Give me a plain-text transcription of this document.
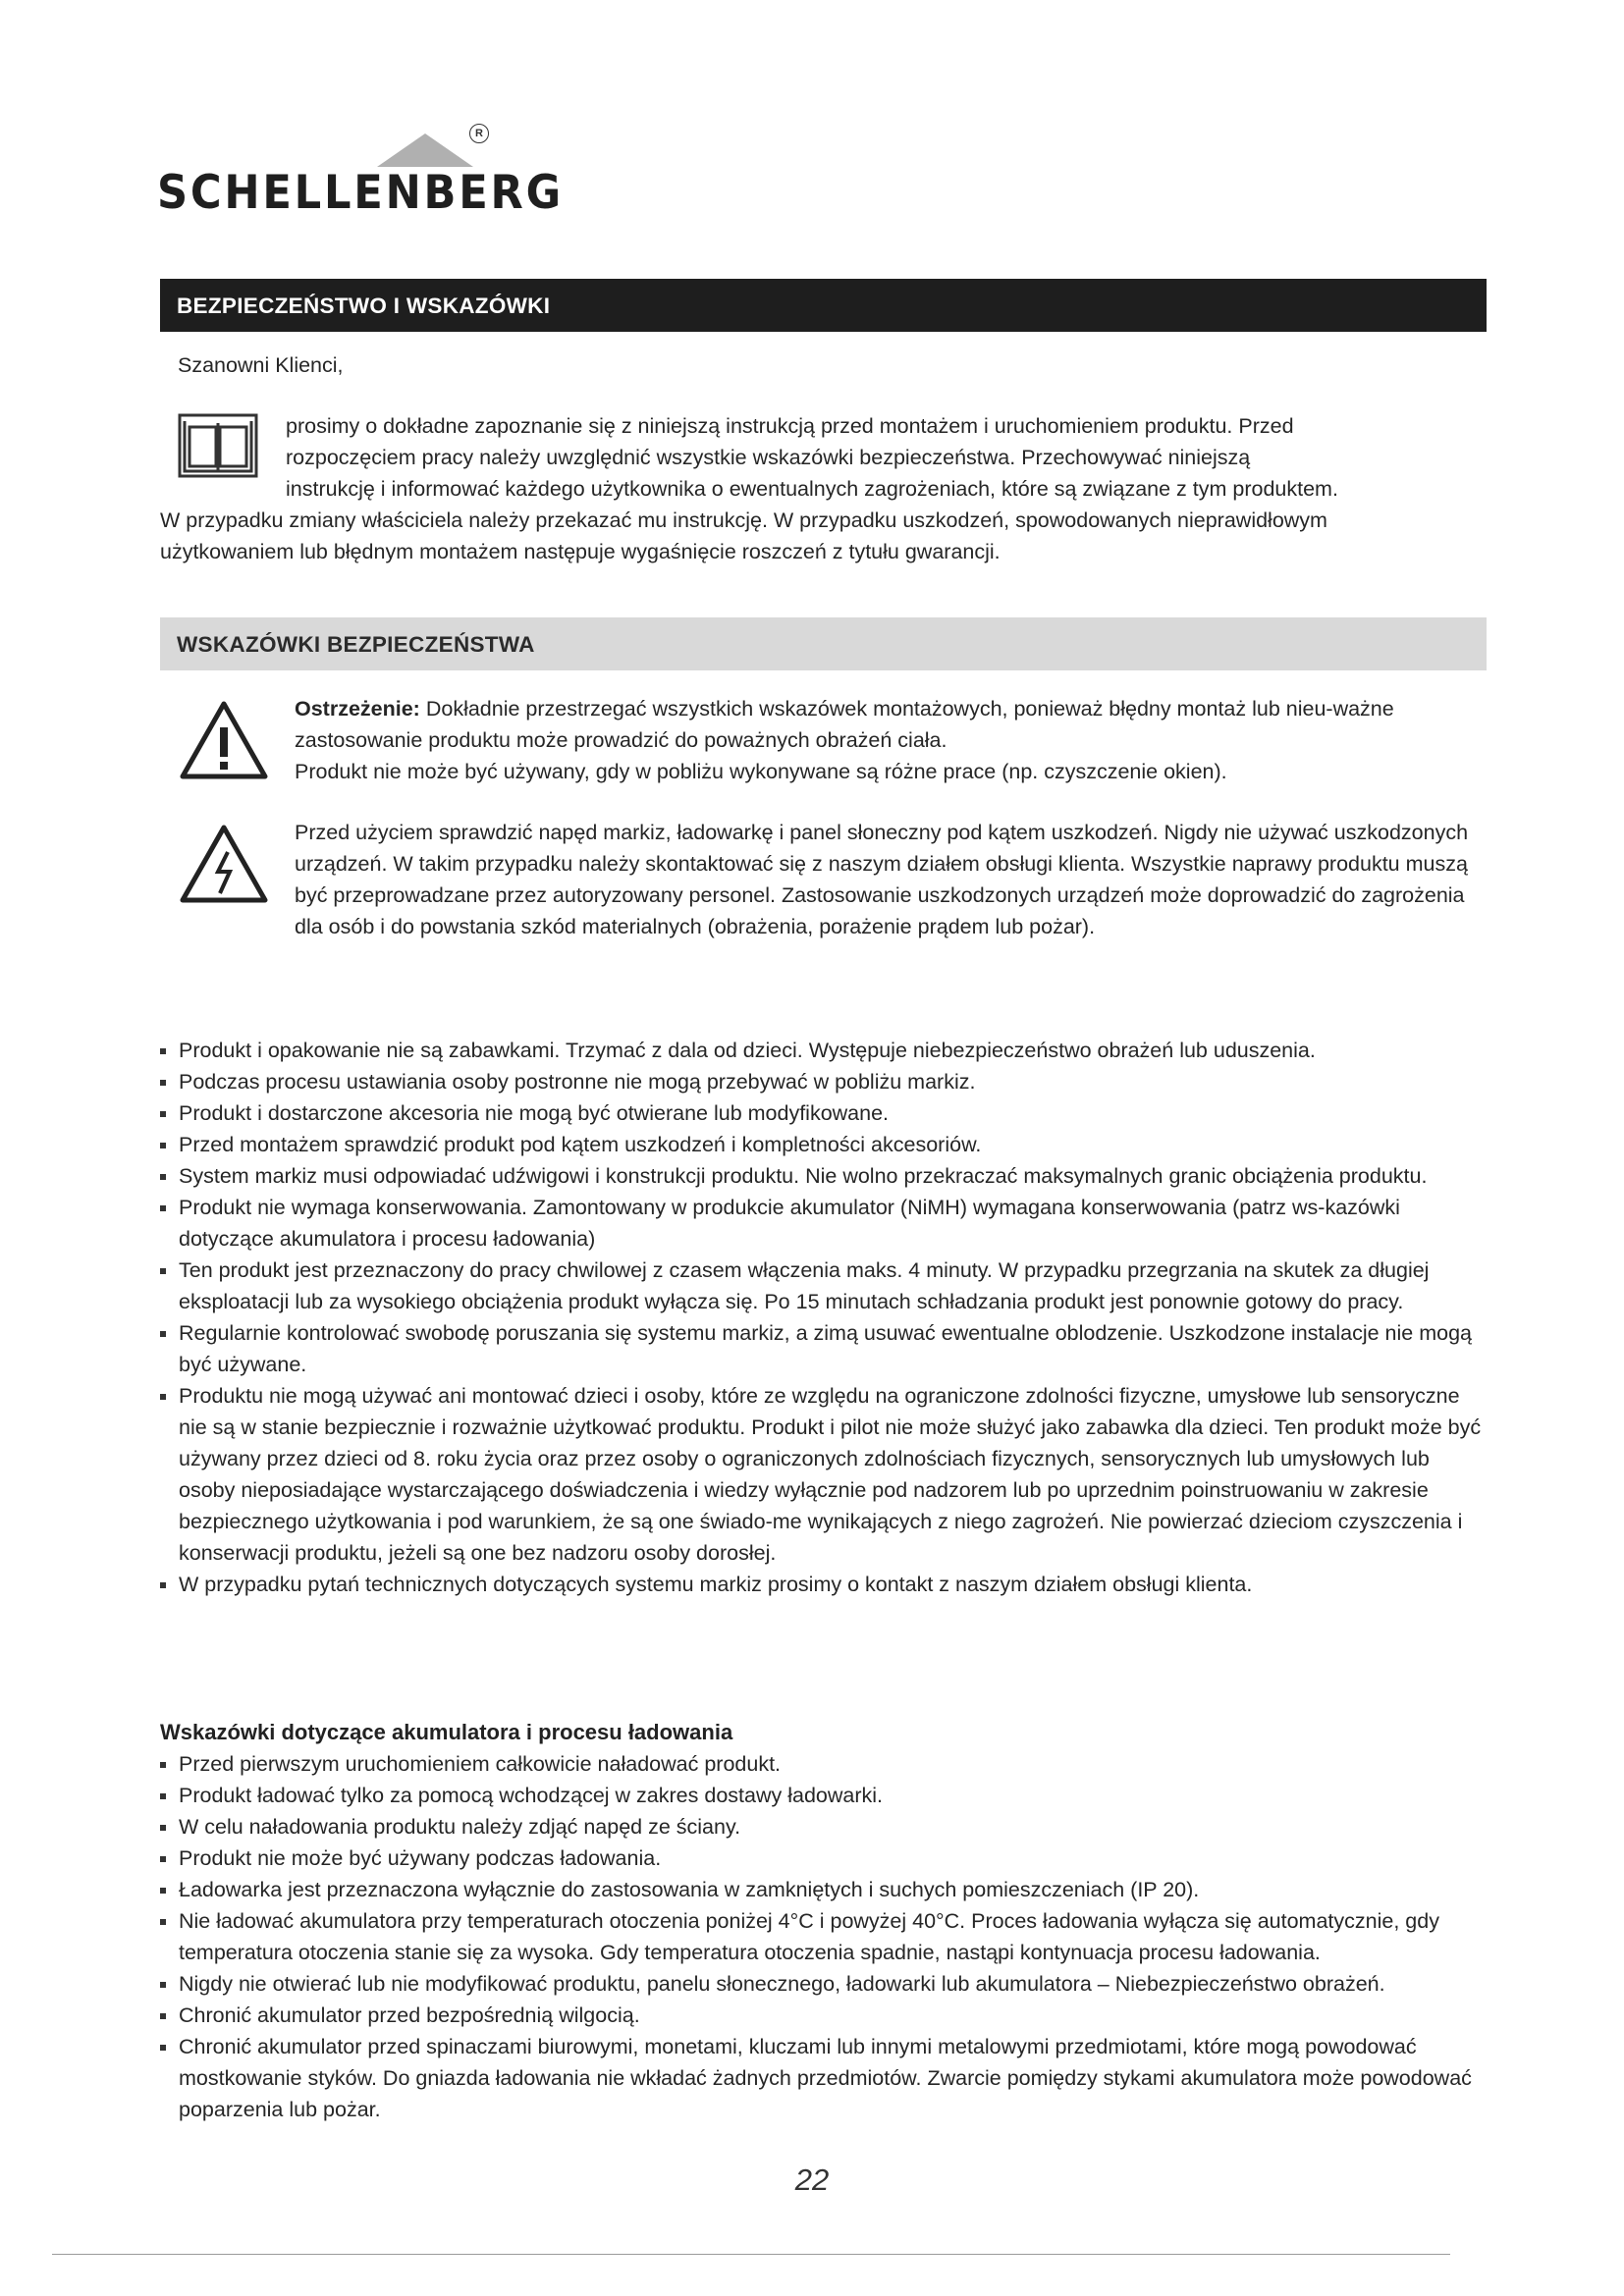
R
SCHELLENBERG
BEZPIECZEŃSTWO I WSKAZÓWKI
Szanowni Klienci,
prosimy o dokładne zapoznanie się z niniejszą instrukcją przed montażem i uruchomieniem produktu. Przed
rozpoczęciem pracy należy uwzględnić wszystkie wskazówki bezpieczeństwa. Przechowywać niniejszą
instrukcję i informować każdego użytkownika o ewentualnych zagrożeniach, które są związane z tym produktem.
W przypadku zmiany właściciela należy przekazać mu instrukcję. W przypadku uszkodzeń, spowodowanych nieprawidłowym
użytkowaniem lub błędnym montażem następuje wygaśnięcie roszczeń z tytułu gwarancji.
WSKAZÓWKI BEZPIECZEŃSTWA
Ostrzeżenie: Dokładnie przestrzegać wszystkich wskazówek montażowych, ponieważ błędny montaż lub nieu-ważne zastosowanie produktu może prowadzić do poważnych obrażeń ciała.
Produkt nie może być używany, gdy w pobliżu wykonywane są różne prace (np. czyszczenie okien).
Przed użyciem sprawdzić napęd markiz, ładowarkę i panel słoneczny pod kątem uszkodzeń. Nigdy nie używać uszkodzonych urządzeń. W takim przypadku należy skontaktować się z naszym działem obsługi klienta. Wszystkie naprawy produktu muszą być przeprowadzane przez autoryzowany personel. Zastosowanie uszkodzonych urządzeń może doprowadzić do zagrożenia dla osób i do powstania szkód materialnych (obrażenia, porażenie prądem lub pożar).
Produkt i opakowanie nie są zabawkami. Trzymać z dala od dzieci. Występuje niebezpieczeństwo obrażeń lub uduszenia.
Podczas procesu ustawiania osoby postronne nie mogą przebywać w pobliżu markiz.
Produkt i dostarczone akcesoria nie mogą być otwierane lub modyfikowane.
Przed montażem sprawdzić produkt pod kątem uszkodzeń i kompletności akcesoriów.
System markiz musi odpowiadać udźwigowi i konstrukcji produktu. Nie wolno przekraczać maksymalnych granic obciążenia produktu.
Produkt nie wymaga konserwowania. Zamontowany w produkcie akumulator (NiMH) wymagana konserwowania (patrz ws-kazówki dotyczące akumulatora i procesu ładowania)
Ten produkt jest przeznaczony do pracy chwilowej z czasem włączenia maks. 4 minuty. W przypadku przegrzania na skutek za długiej eksploatacji lub za wysokiego obciążenia produkt wyłącza się. Po 15 minutach schładzania produkt jest ponownie gotowy do pracy.
Regularnie kontrolować swobodę poruszania się systemu markiz, a zimą usuwać ewentualne oblodzenie. Uszkodzone instalacje nie mogą być używane.
Produktu nie mogą używać ani montować dzieci i osoby, które ze względu na ograniczone zdolności fizyczne, umysłowe lub sensoryczne nie są w stanie bezpiecznie i rozważnie użytkować produktu. Produkt i pilot nie może służyć jako zabawka dla dzieci. Ten produkt może być używany przez dzieci od 8. roku życia oraz przez osoby o ograniczonych zdolnościach fizycznych, sensorycznych lub umysłowych lub osoby nieposiadające wystarczającego doświadczenia i wiedzy wyłącznie pod nadzorem lub po uprzednim poinstruowaniu w zakresie bezpiecznego użytkowania i pod warunkiem, że są one świado-me wynikających z niego zagrożeń. Nie powierzać dzieciom czyszczenia i konserwacji produktu, jeżeli są one bez nadzoru osoby dorosłej.
W przypadku pytań technicznych dotyczących systemu markiz prosimy o kontakt z naszym działem obsługi klienta.
Wskazówki dotyczące akumulatora i procesu ładowania
Przed pierwszym uruchomieniem całkowicie naładować produkt.
Produkt ładować tylko za pomocą wchodzącej w zakres dostawy ładowarki.
W celu naładowania produktu należy zdjąć napęd ze ściany.
Produkt nie może być używany podczas ładowania.
Ładowarka jest przeznaczona wyłącznie do zastosowania w zamkniętych i suchych pomieszczeniach (IP 20).
Nie ładować akumulatora przy temperaturach otoczenia poniżej 4°C i powyżej 40°C. Proces ładowania wyłącza się automatycznie, gdy temperatura otoczenia stanie się za wysoka. Gdy temperatura otoczenia spadnie, nastąpi kontynuacja procesu ładowania.
Nigdy nie otwierać lub nie modyfikować produktu, panelu słonecznego, ładowarki lub akumulatora – Niebezpieczeństwo obrażeń.
Chronić akumulator przed bezpośrednią wilgocią.
Chronić akumulator przed spinaczami biurowymi, monetami, kluczami lub innymi metalowymi przedmiotami, które mogą powodować mostkowanie styków. Do gniazda ładowania nie wkładać żadnych przedmiotów. Zwarcie pomiędzy stykami akumulatora może powodować poparzenia lub pożar.
22
